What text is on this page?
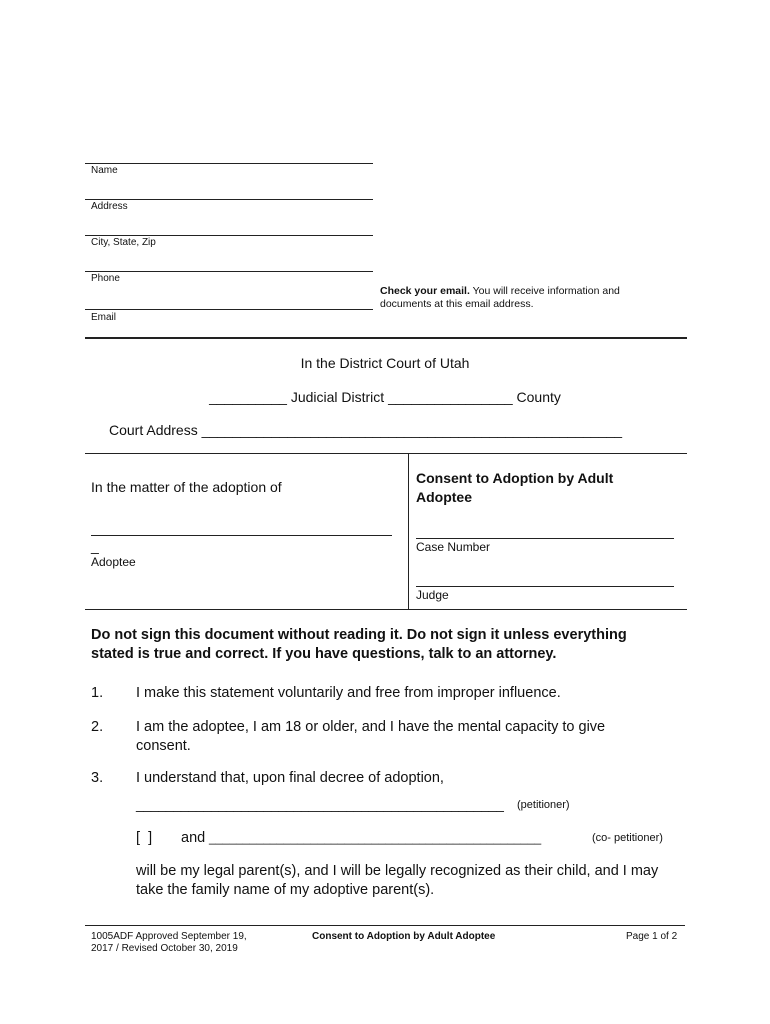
Name
Address
City, State, Zip
Phone
Email
Check your email. You will receive information and documents at this email address.
In the District Court of Utah
__________ Judicial District ________________ County
Court Address ______________________________________________________
In the matter of the adoption of
_
Adoptee
Consent to Adoption by Adult Adoptee
Case Number
Judge
Do not sign this document without reading it. Do not sign it unless everything stated is true and correct. If you have questions, talk to an attorney.
1. I make this statement voluntarily and free from improper influence.
2. I am the adoptee, I am 18 or older, and I have the mental capacity to give consent.
3. I understand that, upon final decree of adoption,
_________________________________________________ (petitioner)
[  ] and _________________________________________________	(co- petitioner)
will be my legal parent(s), and I will be legally recognized as their child, and I may take the family name of my adoptive parent(s).
1005ADF Approved September 19, 2017 / Revised October 30, 2019
Consent to Adoption by Adult Adoptee	Page 1 of 2
